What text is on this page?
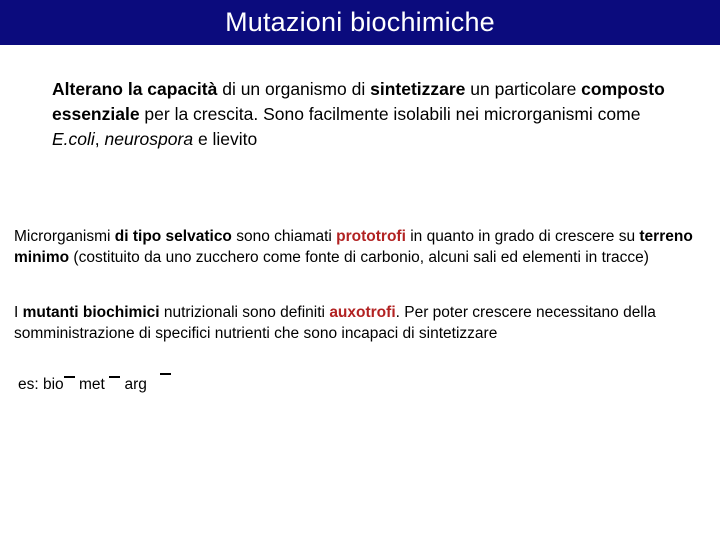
Mutazioni biochimiche
Alterano la capacità di un organismo di sintetizzare un particolare composto essenziale per la crescita. Sono facilmente isolabili nei microrganismi come E.coli, neurospora e lievito
Microrganismi di tipo selvatico sono chiamati prototrofi in quanto in grado di crescere su terreno minimo (costituito da uno zucchero come fonte di carbonio, alcuni sali ed elementi in tracce)
I mutanti biochimici nutrizionali sono definiti auxotrofi. Per poter crescere necessitano della somministrazione di specifici nutrienti che sono incapaci di sintetizzare
es: bio met arg
